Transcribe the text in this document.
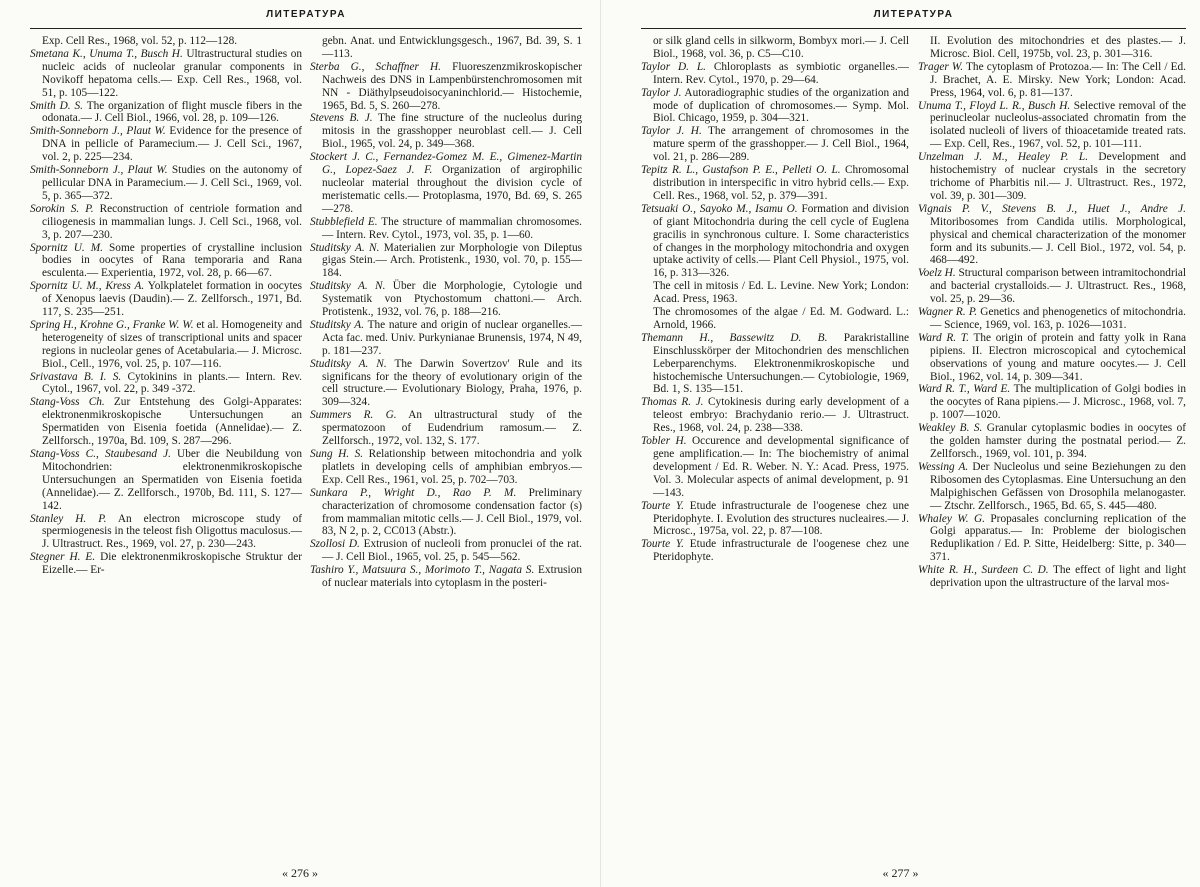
ЛИТЕРАТУРА

Exp. Cell Res., 1968, vol. 52, p. 112—128.

Smetana K., Unuma T., Busch H. Ultrastructural studies on nucleic acids of nucleolar granular components in Novikoff hepatoma cells.— Exp. Cell Res., 1968, vol. 51, p. 105—122.

Smith D. S. The organization of flight muscle fibers in the odonata.— J. Cell Biol., 1966, vol. 28, p. 109—126.

Smith-Sonneborn J., Plaut W. Evidence for the presence of DNA in pellicle of Paramecium.— J. Cell Sci., 1967, vol. 2, p. 225—234.

Smith-Sonneborn J., Plaut W. Studies on the autonomy of pellicular DNA in Paramecium.— J. Cell Sci., 1969, vol. 5, p. 365—372.

Sorokin S. P. Reconstruction of centriole formation and ciliogenesis in mammalian lungs. J. Cell Sci., 1968, vol. 3, p. 207—230.

Spornitz U. M. Some properties of crystalline inclusion bodies in oocytes of Rana temporaria and Rana esculenta.— Experientia, 1972, vol. 28, p. 66—67.

Spornitz U. M., Kress A. Yolkplatelet formation in oocytes of Xenopus laevis (Daudin).— Z. Zellforsch., 1971, Bd. 117, S. 235—251.

Spring H., Krohne G., Franke W. W. et al. Homogeneity and heterogeneity of sizes of transcriptional units and spacer regions in nucleolar genes of Acetabularia.— J. Microsc. Biol., Cell., 1976, vol. 25, p. 107—116.

Srivastava B. I. S. Cytokinins in plants.— Intern. Rev. Cytol., 1967, vol. 22, p. 349 -372.

Stang-Voss Ch. Zur Entstehung des Golgi-Apparates: elektronenmikroskopische Untersuchungen an Spermatiden von Eisenia foetida (Annelidae).— Z. Zellforsch., 1970a, Bd. 109, S. 287—296.

Stang-Voss C., Staubesand J. Uber die Neubildung von Mitochondrien: elektronenmikroskopische Untersuchungen an Spermatiden von Eisenia foetida (Annelidae).— Z. Zellforsch., 1970b, Bd. 111, S. 127—142.

Stanley H. P. An electron microscope study of spermiogenesis in the teleost fish Oligottus maculosus.— J. Ultrastruct. Res., 1969, vol. 27, p. 230—243.

Stegner H. E. Die elektronenmikroskopische Struktur der Eizelle.— Er-

gebn. Anat. und Entwicklungsgesch., 1967, Bd. 39, S. 1—113.

Sterba G., Schaffner H. Fluoreszenzmikroskopischer Nachweis des DNS in Lampenbürstenchromosomen mit NN - Diäthylpseudoisocyaninchlorid.— Histochemie, 1965, Bd. 5, S. 260—278.

Stevens B. J. The fine structure of the nucleolus during mitosis in the grasshopper neuroblast cell.— J. Cell Biol., 1965, vol. 24, p. 349—368.

Stockert J. C., Fernandez-Gomez M. E., Gimenez-Martin G., Lopez-Saez J. F. Organization of argirophilic nucleolar material throughout the division cycle of meristematic cells.— Protoplasma, 1970, Bd. 69, S. 265—278.

Stubblefield E. The structure of mammalian chromosomes.— Intern. Rev. Cytol., 1973, vol. 35, p. 1—60.

Studitsky A. N. Materialien zur Morphologie von Dileptus gigas Stein.— Arch. Protistenk., 1930, vol. 70, p. 155—184.

Studitsky A. N. Über die Morphologie, Cytologie und Systematik von Ptychostomum chattoni.— Arch. Protistenk., 1932, vol. 76, p. 188—216.

Studitsky A. The nature and origin of nuclear organelles.— Acta fac. med. Univ. Purkynianae Brunensis, 1974, N 49, p. 181—237.

Studitsky A. N. The Darwin Sovertzov' Rule and its significans for the theory of evolutionary origin of the cell structure.— Evolutionary Biology, Praha, 1976, p. 309—324.

Summers R. G. An ultrastructural study of the spermatozoon of Eudendrium ramosum.— Z. Zellforsch., 1972, vol. 132, S. 177.

Sung H. S. Relationship between mitochondria and yolk platlets in developing cells of amphibian embryos.— Exp. Cell Res., 1961, vol. 25, p. 702—703.

Sunkara P., Wright D., Rao P. M. Preliminary characterization of chromosome condensation factor (s) from mammalian mitotic cells.— J. Cell Biol., 1979, vol. 83, N 2, p. 2, CC013 (Abstr.).

Szollosi D. Extrusion of nucleoli from pronuclei of the rat.— J. Cell Biol., 1965, vol. 25, p. 545—562.

Tashiro Y., Matsuura S., Morimoto T., Nagata S. Extrusion of nuclear materials into cytoplasm in the posteri-

« 276 »
ЛИТЕРАТУРА

or silk gland cells in silkworm, Bombyx mori.— J. Cell Biol., 1968, vol. 36, p. C5—C10.

Taylor D. L. Chloroplasts as symbiotic organelles.— Intern. Rev. Cytol., 1970, p. 29—64.

Taylor J. Autoradiographic studies of the organization and mode of duplication of chromosomes.— Symp. Mol. Biol. Chicago, 1959, p. 304—321.

Taylor J. H. The arrangement of chromosomes in the mature sperm of the grasshopper.— J. Cell Biol., 1964, vol. 21, p. 286—289.

Tepitz R. L., Gustafson P. E., Pelleti O. L. Chromosomal distribution in interspecific in vitro hybrid cells.— Exp. Cell. Res., 1968, vol. 52, p. 379—391.

Tetsuaki O., Sayoko M., Isamu O. Formation and division of giant Mitochondria during the cell cycle of Euglena gracilis in synchronous culture. I. Some characteristics of changes in the morphology mitochondria and oxygen uptake activity of cells.— Plant Cell Physiol., 1975, vol. 16, p. 313—326.

The cell in mitosis / Ed. L. Levine. New York; London: Acad. Press, 1963.

The chromosomes of the algae / Ed. M. Godward. L.: Arnold, 1966.

Themann H., Bassewitz D. B. Parakristalline Einschlusskörper der Mitochondrien des menschlichen Leberparenchyms. Elektronenmikroskopische und histochemische Untersuchungen.— Cytobiologie, 1969, Bd. 1, S. 135—151.

Thomas R. J. Cytokinesis during early development of a teleost embryo: Brachydanio rerio.— J. Ultrastruct. Res., 1968, vol. 24, p. 238—338.

Tobler H. Occurence and developmental significance of gene amplification.— In: The biochemistry of animal development / Ed. R. Weber. N. Y.: Acad. Press, 1975. Vol. 3. Molecular aspects of animal development, p. 91—143.

Tourte Y. Etude infrastructurale de l'oogenese chez une Pteridophyte. I. Evolution des structures nucleaires.— J. Microsc., 1975a, vol. 22, p. 87—108.

Tourte Y. Etude infrastructurale de l'oogenese chez une Pteridophyte.

II. Evolution des mitochondries et des plastes.— J. Microsc. Biol. Cell, 1975b, vol. 23, p. 301—316.

Trager W. The cytoplasm of Protozoa.— In: The Cell / Ed. J. Brachet, A. E. Mirsky. New York; London: Acad. Press, 1964, vol. 6, p. 81—137.

Unuma T., Floyd L. R., Busch H. Selective removal of the perinucleolar nucleolus-associated chromatin from the isolated nucleoli of livers of thioacetamide treated rats.— Exp. Cell, Res., 1967, vol. 52, p. 101—111.

Unzelman J. M., Healey P. L. Development and histochemistry of nuclear crystals in the secretory trichome of Pharbitis nil.— J. Ultrastruct. Res., 1972, vol. 39, p. 301—309.

Vignais P. V., Stevens B. J., Huet J., Andre J. Mitoribosomes from Candida utilis. Morphological, physical and chemical characterization of the monomer form and its subunits.— J. Cell Biol., 1972, vol. 54, p. 468—492.

Voelz H. Structural comparison between intramitochondrial and bacterial crystalloids.— J. Ultrastruct. Res., 1968, vol. 25, p. 29—36.

Wagner R. P. Genetics and phenogenetics of mitochondria.— Science, 1969, vol. 163, p. 1026—1031.

Ward R. T. The origin of protein and fatty yolk in Rana pipiens. II. Electron microscopical and cytochemical observations of young and mature oocytes.— J. Cell Biol., 1962, vol. 14, p. 309—341.

Ward R. T., Ward E. The multiplication of Golgi bodies in the oocytes of Rana pipiens.— J. Microsc., 1968, vol. 7, p. 1007—1020.

Weakley B. S. Granular cytoplasmic bodies in oocytes of the golden hamster during the postnatal period.— Z. Zellforsch., 1969, vol. 101, p. 394.

Wessing A. Der Nucleolus und seine Beziehungen zu den Ribosomen des Cytoplasmas. Eine Untersuchung an den Malpighischen Gefässen von Drosophila melanogaster.— Ztschr. Zellforsch., 1965, Bd. 65, S. 445—480.

Whaley W. G. Propasales conclurning replication of the Golgi apparatus.— In: Probleme der biologischen Reduplikation / Ed. P. Sitte, Heidelberg: Sitte, p. 340—371.

White R. H., Surdeen C. D. The effect of light and light deprivation upon the ultrastructure of the larval mos-

« 277 »
